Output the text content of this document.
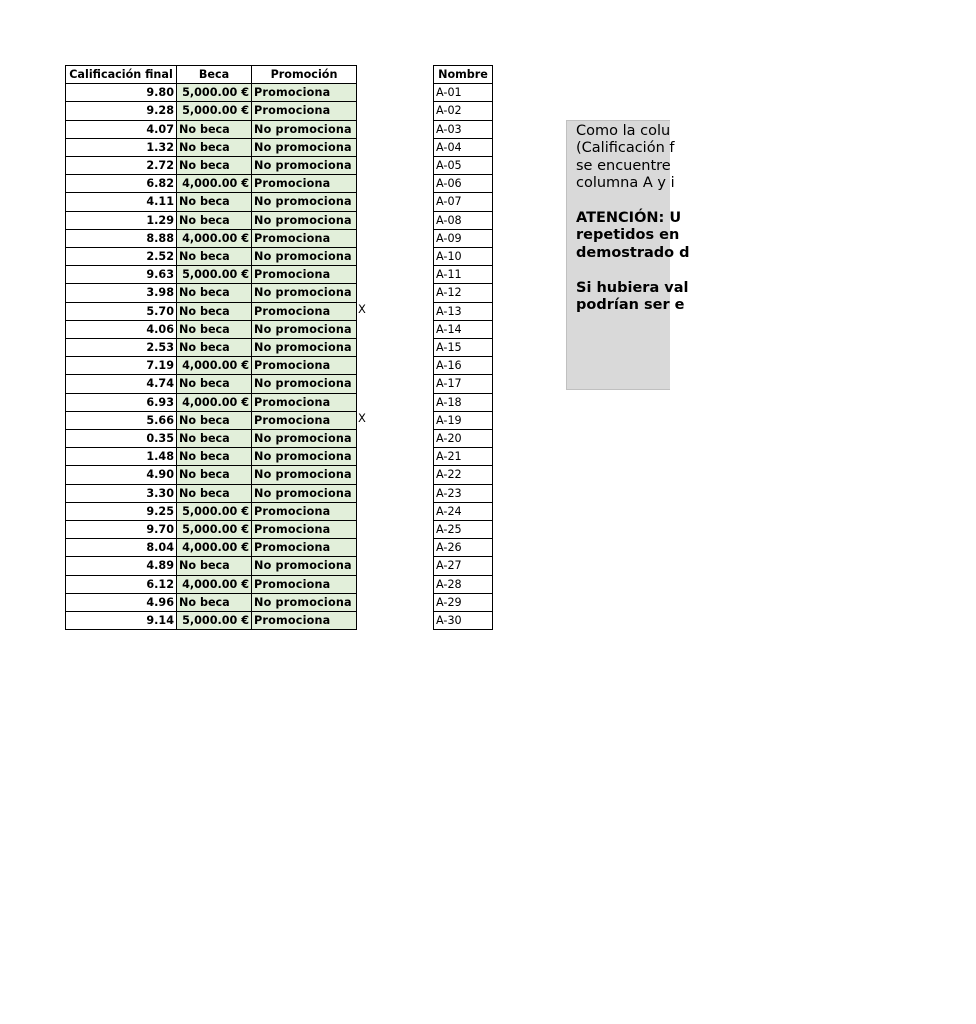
Calificación final	Beca	Promoción
9.80	5,000.00 €	Promociona
9.28	5,000.00 €	Promociona
4.07	No beca	No promociona
1.32	No beca	No promociona
2.72	No beca	No promociona
6.82	4,000.00 €	Promociona
4.11	No beca	No promociona
1.29	No beca	No promociona
8.88	4,000.00 €	Promociona
2.52	No beca	No promociona
9.63	5,000.00 €	Promociona
3.98	No beca	No promociona
5.70	No beca	Promociona
4.06	No beca	No promociona
2.53	No beca	No promociona
7.19	4,000.00 €	Promociona
4.74	No beca	No promociona
6.93	4,000.00 €	Promociona
5.66	No beca	Promociona
0.35	No beca	No promociona
1.48	No beca	No promociona
4.90	No beca	No promociona
3.30	No beca	No promociona
9.25	5,000.00 €	Promociona
9.70	5,000.00 €	Promociona
8.04	4,000.00 €	Promociona
4.89	No beca	No promociona
6.12	4,000.00 €	Promociona
4.96	No beca	No promociona
9.14	5,000.00 €	Promociona
X
X
Nombre
A-01
A-02
A-03
A-04
A-05
A-06
A-07
A-08
A-09
A-10
A-11
A-12
A-13
A-14
A-15
A-16
A-17
A-18
A-19
A-20
A-21
A-22
A-23
A-24
A-25
A-26
A-27
A-28
A-29
A-30
Como la colu
(Calificación f
se encuentre
columna A y i
ATENCIÓN: U
repetidos en
demostrado d
Si hubiera val
podrían ser e
